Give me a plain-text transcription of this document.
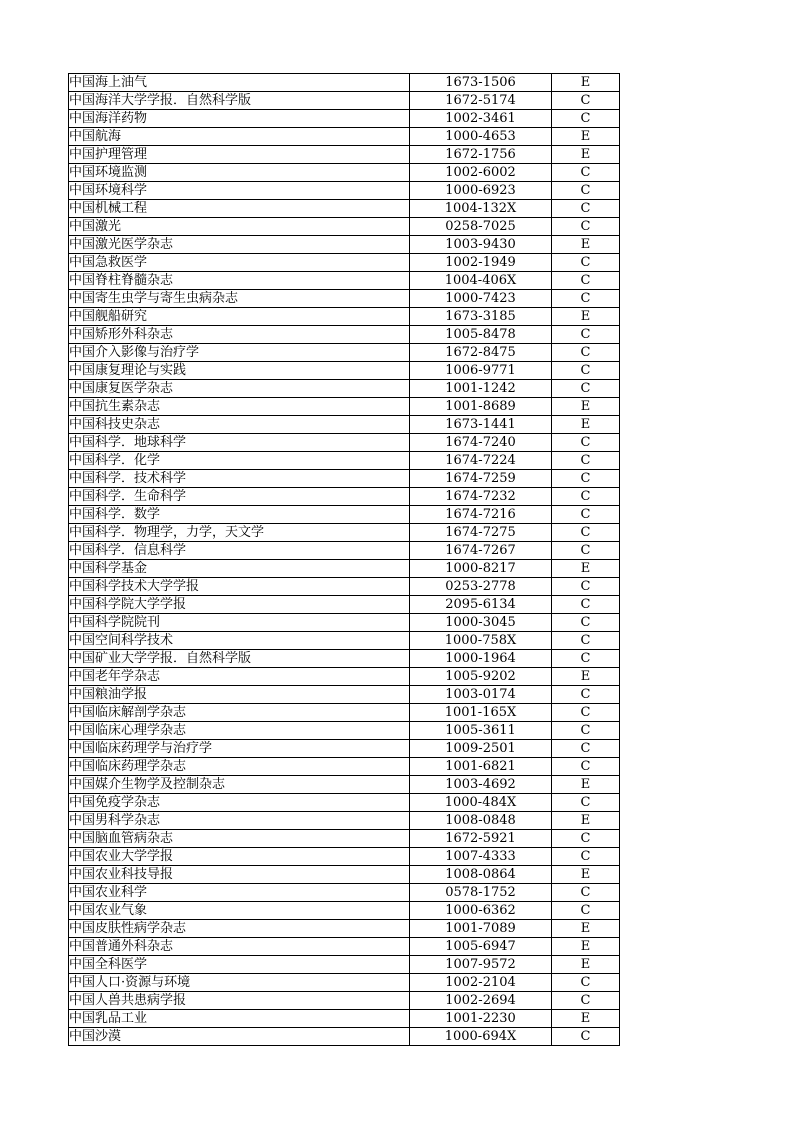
中国海上油气	1673-1506	E
中国海洋大学学报．自然科学版	1672-5174	C
中国海洋药物	1002-3461	C
中国航海	1000-4653	E
中国护理管理	1672-1756	E
中国环境监测	1002-6002	C
中国环境科学	1000-6923	C
中国机械工程	1004-132X	C
中国激光	0258-7025	C
中国激光医学杂志	1003-9430	E
中国急救医学	1002-1949	C
中国脊柱脊髓杂志	1004-406X	C
中国寄生虫学与寄生虫病杂志	1000-7423	C
中国舰船研究	1673-3185	E
中国矫形外科杂志	1005-8478	C
中国介入影像与治疗学	1672-8475	C
中国康复理论与实践	1006-9771	C
中国康复医学杂志	1001-1242	C
中国抗生素杂志	1001-8689	E
中国科技史杂志	1673-1441	E
中国科学．地球科学	1674-7240	C
中国科学．化学	1674-7224	C
中国科学．技术科学	1674-7259	C
中国科学．生命科学	1674-7232	C
中国科学．数学	1674-7216	C
中国科学．物理学，力学，天文学	1674-7275	C
中国科学．信息科学	1674-7267	C
中国科学基金	1000-8217	E
中国科学技术大学学报	0253-2778	C
中国科学院大学学报	2095-6134	C
中国科学院院刊	1000-3045	C
中国空间科学技术	1000-758X	C
中国矿业大学学报．自然科学版	1000-1964	C
中国老年学杂志	1005-9202	E
中国粮油学报	1003-0174	C
中国临床解剖学杂志	1001-165X	C
中国临床心理学杂志	1005-3611	C
中国临床药理学与治疗学	1009-2501	C
中国临床药理学杂志	1001-6821	C
中国媒介生物学及控制杂志	1003-4692	E
中国免疫学杂志	1000-484X	C
中国男科学杂志	1008-0848	E
中国脑血管病杂志	1672-5921	C
中国农业大学学报	1007-4333	C
中国农业科技导报	1008-0864	E
中国农业科学	0578-1752	C
中国农业气象	1000-6362	C
中国皮肤性病学杂志	1001-7089	E
中国普通外科杂志	1005-6947	E
中国全科医学	1007-9572	E
中国人口·资源与环境	1002-2104	C
中国人兽共患病学报	1002-2694	C
中国乳品工业	1001-2230	E
中国沙漠	1000-694X	C
